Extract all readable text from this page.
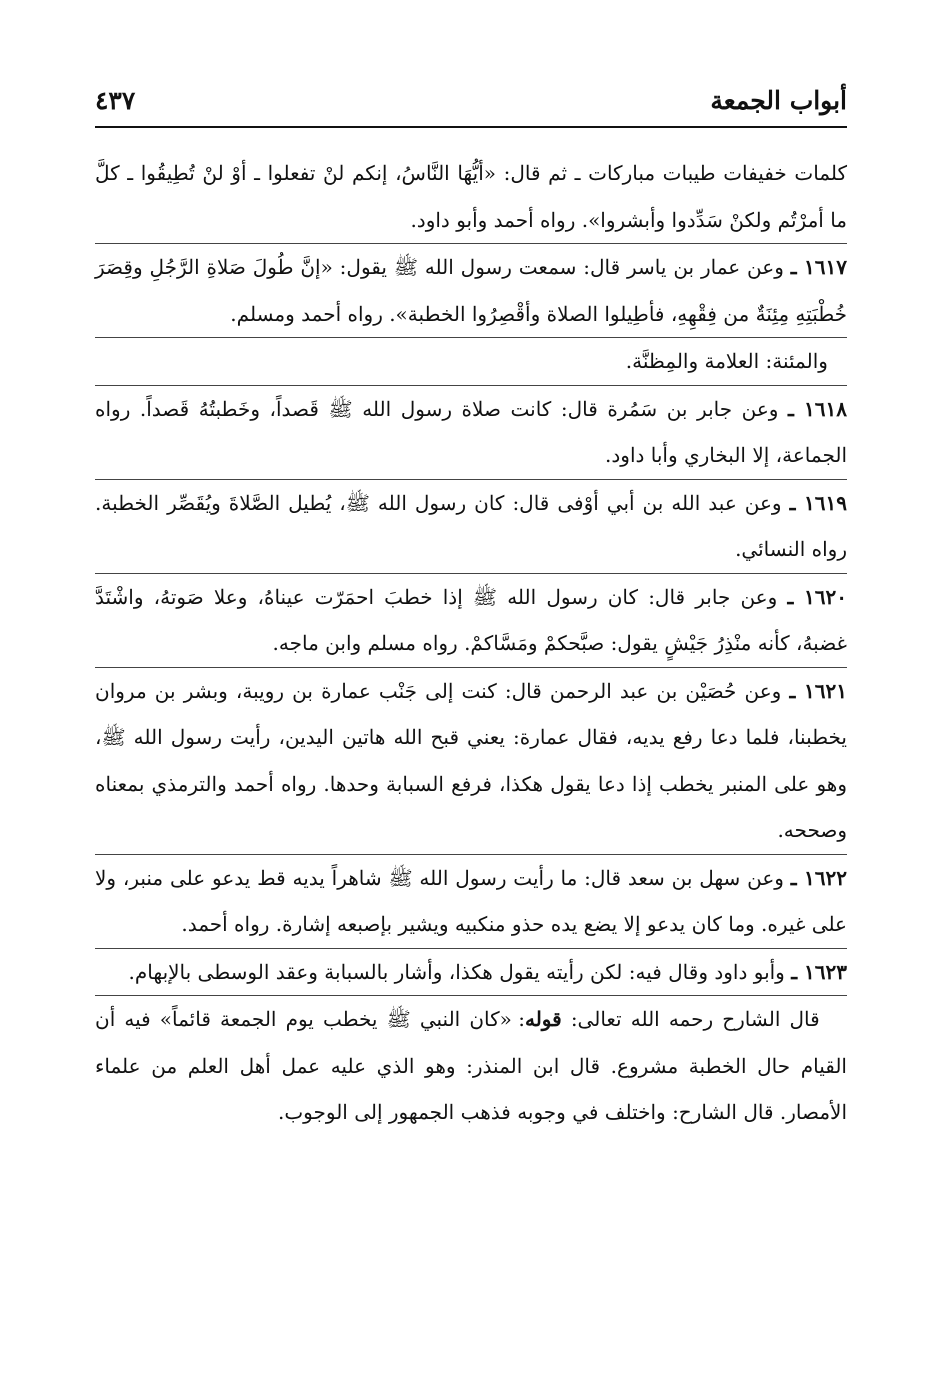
أبواب الجمعة
٤٣٧

كلمات خفيفات طيبات مباركات ـ ثم قال: «أيُّهَا النَّاسُ، إنكم لنْ تفعلوا ـ أوْ لنْ تُطِيقُوا ـ كلَّ ما أمرْتُم ولكنْ سَدِّدوا وأبشروا». رواه أحمد وأبو داود.

١٦١٧ ـ وعن عمار بن ياسر قال: سمعت رسول الله ﷺ يقول: «إنَّ طُولَ صَلاةِ الرَّجُلِ وقِصَرَ خُطْبَتِهِ مِئِنَةٌ من فِقْهِهِ، فأطِيلوا الصلاة وأقْصِرُوا الخطبة». رواه أحمد ومسلم.

والمئنة: العلامة والمِظنَّة.

١٦١٨ ـ وعن جابر بن سَمُرة قال: كانت صلاة رسول الله ﷺ قَصداً، وخَطبتُهُ قَصداً. رواه الجماعة، إلا البخاري وأبا داود.

١٦١٩ ـ وعن عبد الله بن أبي أوْفى قال: كان رسول الله ﷺ، يُطيل الصَّلاةَ ويُقَصِّر الخطبة. رواه النسائي.

١٦٢٠ ـ وعن جابر قال: كان رسول الله ﷺ إذا خطبَ احمَرّت عيناهُ، وعلا صَوتهُ، واشْتَدَّ غضبهُ، كأنه منْذِرُ جَيْشٍ يقول: صبَّحكمْ ومَسَّاكمْ. رواه مسلم وابن ماجه.

١٦٢١ ـ وعن حُصَيْن بن عبد الرحمن قال: كنت إلى جَنْب عمارة بن رويبة، وبشر بن مروان يخطبنا، فلما دعا رفع يديه، فقال عمارة: يعني قبح الله هاتين اليدين، رأيت رسول الله ﷺ، وهو على المنبر يخطب إذا دعا يقول هكذا، فرفع السبابة وحدها. رواه أحمد والترمذي بمعناه وصححه.

١٦٢٢ ـ وعن سهل بن سعد قال: ما رأيت رسول الله ﷺ شاهراً يديه قط يدعو على منبر، ولا على غيره. وما كان يدعو إلا يضع يده حذو منكبيه ويشير بإصبعه إشارة. رواه أحمد.

١٦٢٣ ـ وأبو داود وقال فيه: لكن رأيته يقول هكذا، وأشار بالسبابة وعقد الوسطى بالإبهام.

قال الشارح رحمه الله تعالى: قوله: «كان النبي ﷺ يخطب يوم الجمعة قائماً» فيه أن القيام حال الخطبة مشروع. قال ابن المنذر: وهو الذي عليه عمل أهل العلم من علماء الأمصار. قال الشارح: واختلف في وجوبه فذهب الجمهور إلى الوجوب.
